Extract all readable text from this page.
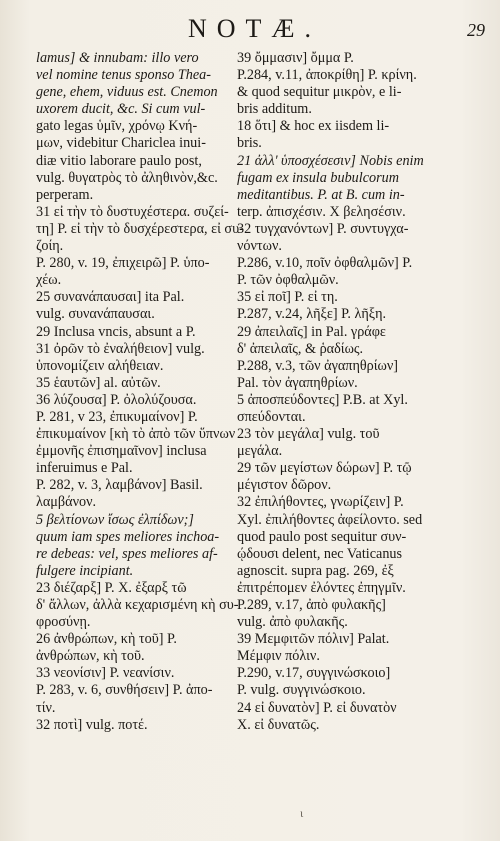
NOTÆ.	29
lamus] & innubam: illo vero
vel nomine tenus sponso Thea-
gene, ehem, viduus est. Cnemon
uxorem ducit, &c. Si cum vul-
gato legas ὑμῖν, χρόνῳ Κνή-
μων, videbitur Chariclea inui-
diæ vitio laborare paulo post,
vulg. θυγατρὸς τὸ ἀληθινὸν,&c.
perperam.
31 εἰ τὴν τὸ δυστυχέστερα. συζεί-
τη] P. εἰ τὴν τὸ δυσχέρεστερα, εἰ συ-
ζοίη.
P. 280, v. 19, ἐπιχειρῶ] P. ὑπο-
χέω.
25 συνανάπαυσαι] ita Pal.
vulg. συνανάπαυσαι.
29 Inclusa vncis, absunt a P.
31 ὀρῶν τὸ ἐναλήθειον] vulg.
ὑπονομίζειν αλήθειαν.
35 ἑαυτῶν] al. αὐτῶν.
36 λύζουσα] P. ὀλολύζουσα.
P. 281, v 23, ἐπικυμαίνον] P.
ἐπικυμαίνον [κὴ τὸ ἀπὸ τῶν ὕπνων
ἐμμονῆς ἐπισημαῖνον] inclusa
inferuimus e Pal.
P. 282, v. 3, λαμβάνον] Basil.
λαμβάνον.
5 βελτίονων ἴσως ἐλπίδων;]
quum iam spes meliores inchoa-
re debeas: vel, spes meliores af-
fulgere incipiant.
23 διέζαρξ] P. X. ἐξαρξ τῶ
δ' ἄλλων, ἀλλὰ κεχαρισμένη κὴ συ-
φροσύνῃ.
26 ἀνθρώπων, κὴ τοῦ] P.
ἀνθρώπων, κὴ τοῦ.
33 νεονίσιν] P. νεανίσιν.
P. 283, v. 6, συνθήσειν] P. ἀπο-
τίν.
32 ποτὶ] vulg. ποτέ.
39 ὄμμασιν] ὄμμα P.
P.284, v.11, ἀποκρίθη] P. κρίνη.
& quod sequitur μικρὸν, e li-
bris additum.
18 ὅτι] & hoc ex iisdem li-
bris.
21 ἀλλ' ὑποσχέσεσιν] Nobis enim
fugam ex insula bubulcorum
meditantibus. P. at B. cum in-
terp. ἀπισχέσιν. X βελησέσιν.
32 τυγχανόντων] P. συντυγχα-
νόντων.
P.286, v.10, ποῖν ὀφθαλμῶν] P.
P. τῶν ὀφθαλμῶν.
35 εἰ ποῖ] P. εἰ τη.
P.287, v.24, λῆξε] P. λῆξη.
29 ἀπειλαῖς] in Pal. γράφε
δ' ἀπειλαῖς, & ῥαδίως.
P.288, v.3, τῶν ἀγαπηθρίων]
Pal. τὸν ἀγαπηθρίων.
5 ἀποσπεύδοντες] P.B. at Xyl.
σπεύδονται.
23 τὸν μεγάλα] vulg. τοῦ
μεγάλα.
29 τῶν μεγίστων δώρων] P. τῷ
μέγιστον δῶρον.
32 ἐπιλήθοντες, γνωρίζειν] P.
Xyl. ἐπιλήθοντες ἀφείλοντο. sed
quod paulo post sequitur συν-
ῴδουσι delent, nec Vaticanus
agnoscit. supra pag. 269, ἐξ
ἐπιτρέπομεν ἐλόντες ἐπηγμῖν.
P.289, v.17, ἀπὸ φυλακῆς]
vulg. ἀπὸ φυλακῆς.
39 Μεμφιτῶν πόλιν] Palat.
Μέμφιν πόλιν.
P.290, v.17, συγγινώσκοιο]
P. vulg. συγγινώσκοιο.
24 εἰ δυνατὸν] P. εἰ δυνατὸν
Χ. εἰ δυνατῶς.
ι
